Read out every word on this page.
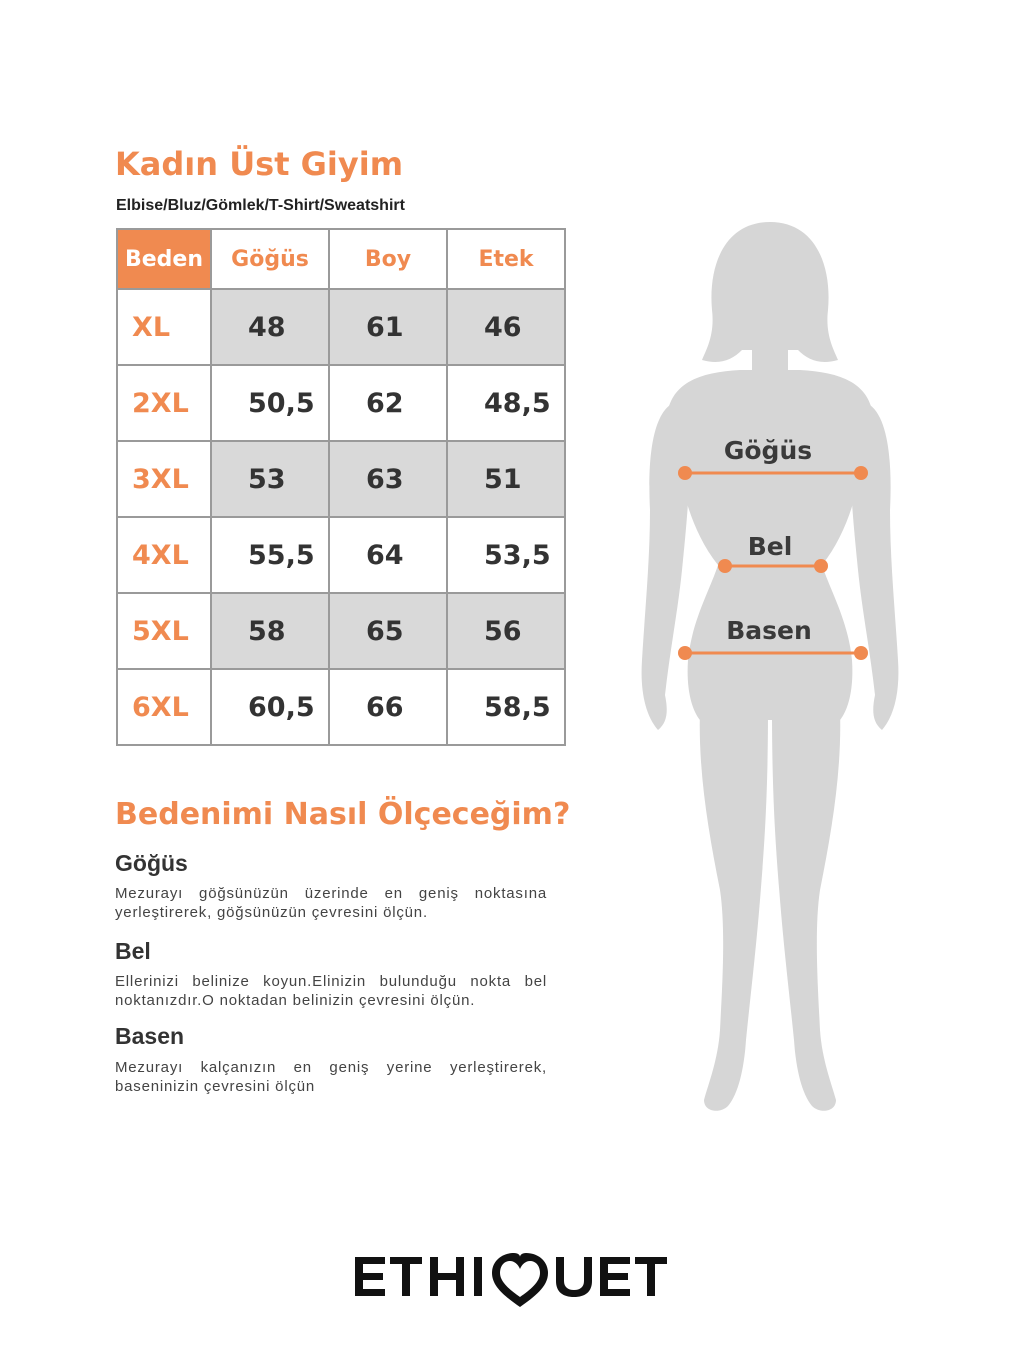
Kadın Üst Giyim

Elbise/Bluz/Gömlek/T-Shirt/Sweatshirt

Beden	Göğüs	Boy	Etek
XL	48	61	46
2XL	50,5	62	48,5
3XL	53	63	51
4XL	55,5	64	53,5
5XL	58	65	56
6XL	60,5	66	58,5
Bedenimi Nasıl Ölçeceğim?
Göğüs

Mezurayı göğsünüzün üzerinde en geniş noktasına yerleştirerek, göğsünüzün çevresini ölçün.

Bel

Ellerinizi belinize koyun.Elinizin bulunduğu nokta bel noktanızdır.O noktadan belinizin çevresini ölçün.

Basen

Mezurayı kalçanızın en geniş yerine yerleştirerek, baseninizin çevresini ölçün

Göğüs
Bel
Basen
